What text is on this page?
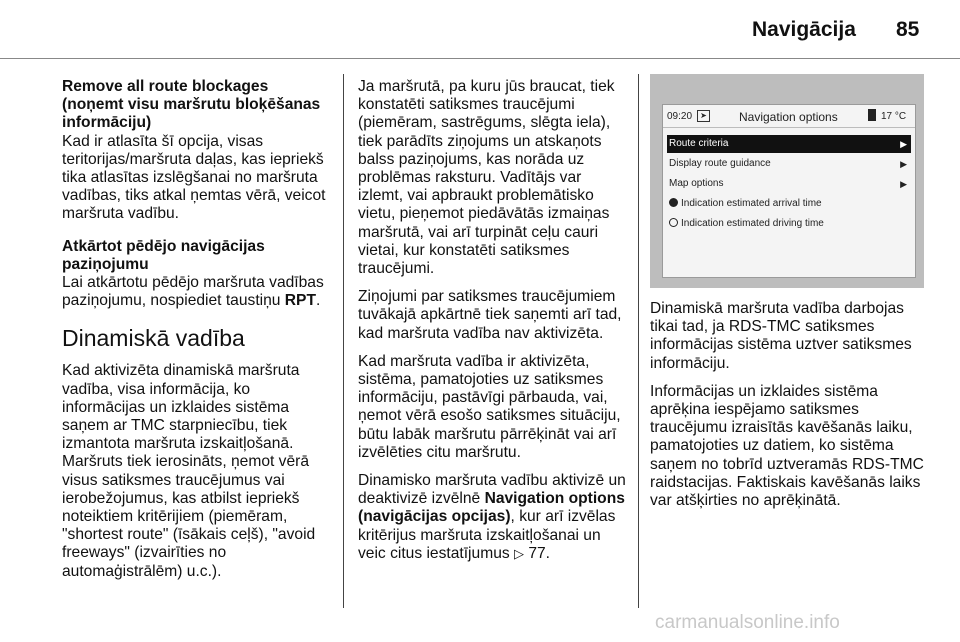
Navigācija 85
Remove all route blockages (noņemt visu maršrutu bloķēšanas informāciju)

Kad ir atlasīta šī opcija, visas teritorijas/maršruta daļas, kas iepriekš tika atlasītas izslēgšanai no maršruta vadības, tiks atkal ņemtas vērā, veicot maršruta vadību.

Atkārtot pēdējo navigācijas paziņojumu

Lai atkārtotu pēdējo maršruta vadības paziņojumu, nospiediet taustiņu RPT.

Dinamiskā vadība

Kad aktivizēta dinamiskā maršruta vadība, visa informācija, ko informācijas un izklaides sistēma saņem ar TMC starpniecību, tiek izmantota maršruta izskaitļošanā. Maršruts tiek ierosināts, ņemot vērā visus satiksmes traucējumus vai ierobežojumus, kas atbilst iepriekš noteiktiem kritērijiem (piemēram, "shortest route" (īsākais ceļš), "avoid freeways" (izvairīties no automaģistrālēm) u.c.).

Ja maršrutā, pa kuru jūs braucat, tiek konstatēti satiksmes traucējumi (piemēram, sastrēgums, slēgta iela), tiek parādīts ziņojums un atskaņots balss paziņojums, kas norāda uz problēmas raksturu. Vadītājs var izlemt, vai apbraukt problemātisko vietu, pieņemot piedāvātās izmaiņas maršrutā, vai arī turpināt ceļu cauri vietai, kur konstatēti satiksmes traucējumi.

Ziņojumi par satiksmes traucējumiem tuvākajā apkārtnē tiek saņemti arī tad, kad maršruta vadība nav aktivizēta.

Kad maršruta vadība ir aktivizēta, sistēma, pamatojoties uz satiksmes informāciju, pastāvīgi pārbauda, vai, ņemot vērā esošo satiksmes situāciju, būtu labāk maršrutu pārrēķināt vai arī izvēlēties citu maršrutu.

Dinamisko maršruta vadību aktivizē un deaktivizē izvēlnē Navigation options (navigācijas opcijas), kur arī izvēlas kritērijus maršruta izskaitļošanai un veic citus iestatījumus ▷ 77.

09:20	➤	Navigation options	17 °C
Route criteria	▶
Display route guidance	▶
Map options	▶
Indication estimated arrival time
Indication estimated driving time

Dinamiskā maršruta vadība darbojas tikai tad, ja RDS-TMC satiksmes informācijas sistēma uztver satiksmes informāciju.

Informācijas un izklaides sistēma aprēķina iespējamo satiksmes traucējumu izraisītās kavēšanās laiku, pamatojoties uz datiem, ko sistēma saņem no tobrīd uztveramās RDS-TMC raidstacijas. Faktiskais kavēšanās laiks var atšķirties no aprēķinātā.

carmanualsonline.info
